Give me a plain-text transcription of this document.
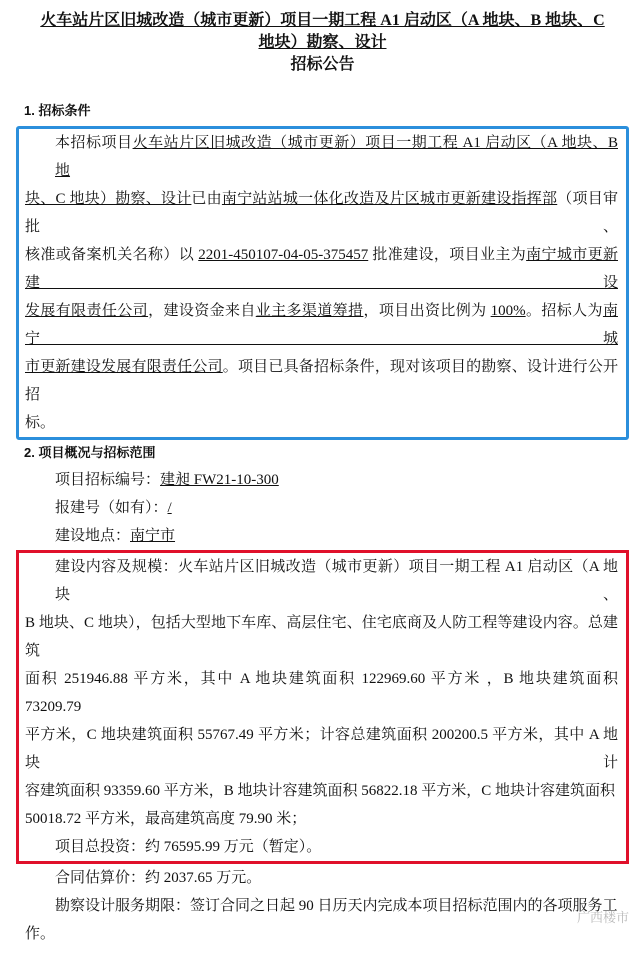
火车站片区旧城改造（城市更新）项目一期工程 A1 启动区（A 地块、B 地块、C
地块）勘察、设计
招标公告
1. 招标条件
本招标项目火车站片区旧城改造（城市更新）项目一期工程 A1 启动区（A 地块、B 地
块、C 地块）勘察、设计已由南宁站站城一体化改造及片区城市更新建设指挥部（项目审批、
核准或备案机关名称）以 2201-450107-04-05-375457 批准建设，项目业主为南宁城市更新建设
发展有限责任公司，建设资金来自业主多渠道筹措，项目出资比例为 100%。招标人为南宁城
市更新建设发展有限责任公司。项目已具备招标条件，现对该项目的勘察、设计进行公开招
标。
2. 项目概况与招标范围
项目招标编号：建昶 FW21-10-300
报建号（如有）：/
建设地点：南宁市
建设内容及规模：火车站片区旧城改造（城市更新）项目一期工程 A1 启动区（A 地块、
B 地块、C 地块），包括大型地下车库、高层住宅、住宅底商及人防工程等建设内容。总建筑
面积 251946.88 平方米，其中 A 地块建筑面积 122969.60 平方米 ，B 地块建筑面积 73209.79
平方米，C 地块建筑面积 55767.49 平方米；计容总建筑面积 200200.5 平方米，其中 A 地块计
容建筑面积 93359.60 平方米，B 地块计容建筑面积 56822.18 平方米，C 地块计容建筑面积
50018.72 平方米，最高建筑高度 79.90 米；
项目总投资：约 76595.99 万元（暂定）。
合同估算价：约 2037.65 万元。
勘察设计服务期限：签订合同之日起 90 日历天内完成本项目招标范围内的各项服务工
作。
广西楼市
